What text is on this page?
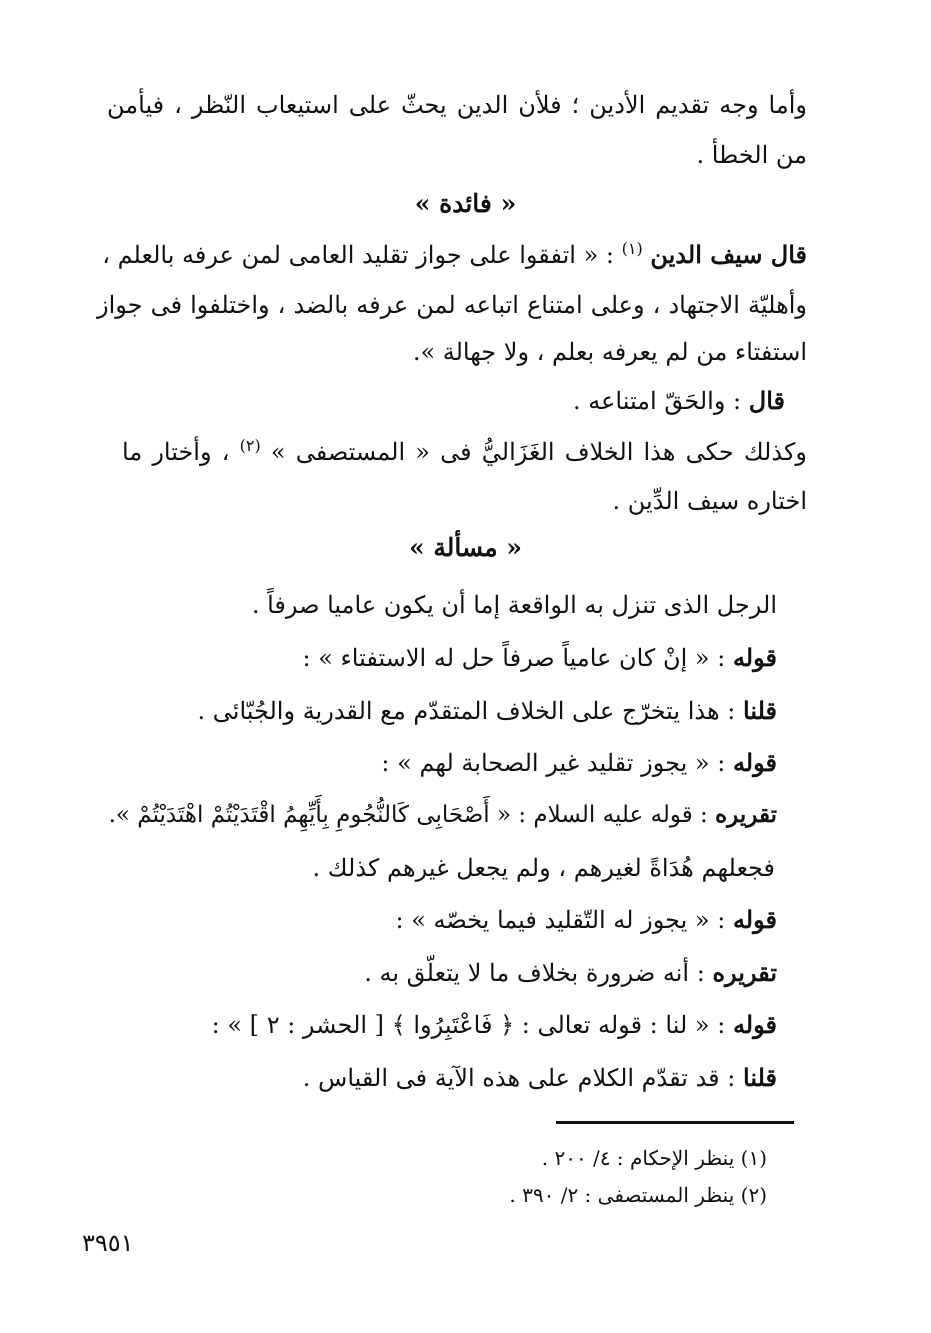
وأما وجه تقديم الأدين ؛ فلأن الدين يحثّ على استيعاب النّظر ، فيأمن

من الخطأ .

« فائدة »

قال سيف الدين $^{(١)}$ : « اتفقوا على جواز تقليد العامى لمن عرفه بالعلم ،

وأهليّة الاجتهاد ، وعلى امتناع اتباعه لمن عرفه بالضد ، واختلفوا فى جواز

استفتاء من لم يعرفه بعلم ، ولا جهالة ».

قال : والحَقّ امتناعه .

وكذلك حكى هذا الخلاف الغَزَاليُّ فى « المستصفى » $^{(٢)}$ ، وأختار ما

اختاره سيف الدِّين .

« مسألة »

الرجل الذى تنزل به الواقعة إما أن يكون عاميا صرفاً .

قوله : « إنْ كان عامياً صرفاً حل له الاستفتاء » :

قلنا : هذا يتخرّج على الخلاف المتقدّم مع القدرية والجُبّائى .

قوله : « يجوز تقليد غير الصحابة لهم » :

تقريره : قوله عليه السلام : « أَصْحَابِى كَالنُّجُومِ بِأَيِّهِمُ اقْتَدَيْتُمْ اهْتَدَيْتُمْ ».

فجعلهم هُدَاةً لغيرهم ، ولم يجعل غيرهم كذلك .

قوله : « يجوز له التّقليد فيما يخصّه » :

تقريره : أنه ضرورة بخلاف ما لا يتعلّق به .

قوله : « لنا : قوله تعالى : ﴿ فَاعْتَبِرُوا ﴾ [ الحشر : ٢ ] » :

قلنا : قد تقدّم الكلام على هذه الآية فى القياس .

(١) ينظر الإحكام : ٤/ ٢٠٠ .

(٢) ينظر المستصفى : ٢/ ٣٩٠ .

٣٩٥١
